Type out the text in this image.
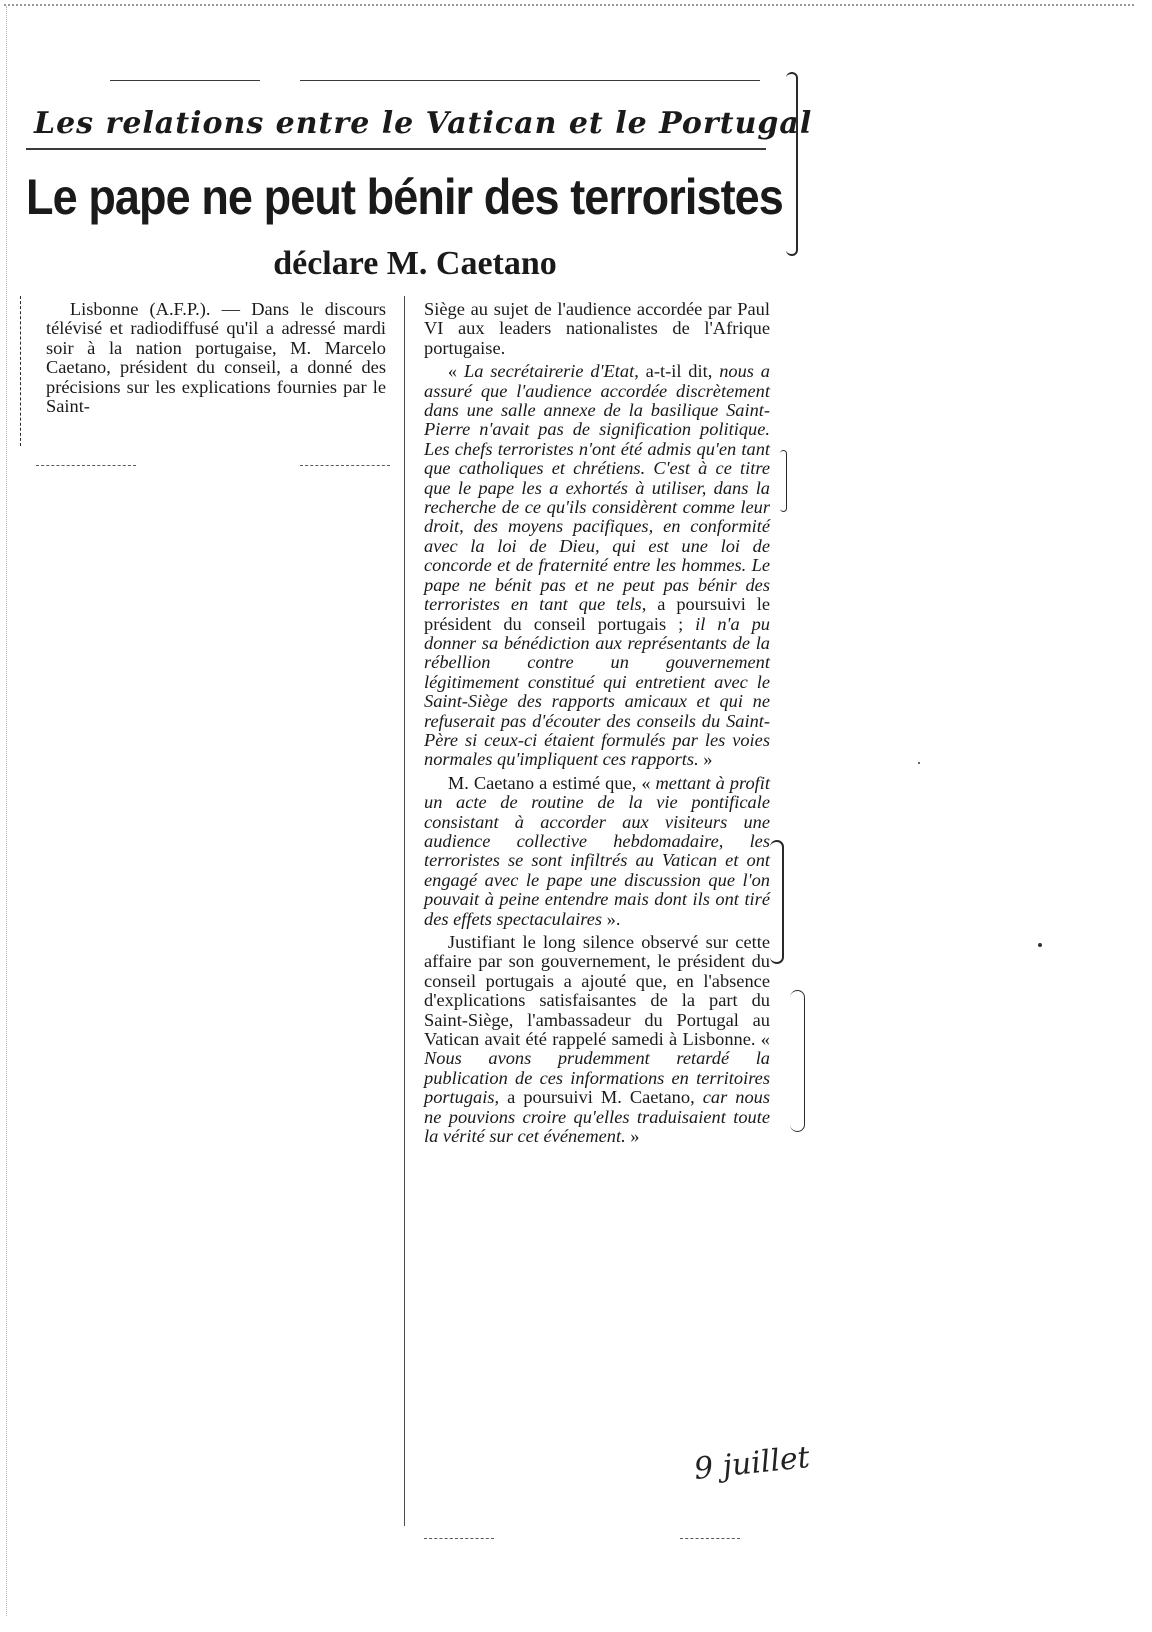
Les relations entre le Vatican et le Portugal
Le pape ne peut bénir des terroristes
déclare M. Caetano

Lisbonne (A.F.P.). — Dans le discours télévisé et radiodiffusé qu'il a adressé mardi soir à la nation portugaise, M. Marcelo Caetano, président du conseil, a donné des précisions sur les explications fournies par le Saint-

Siège au sujet de l'audience accordée par Paul VI aux leaders nationalistes de l'Afrique portugaise.

« La secrétairerie d'Etat, a-t-il dit, nous a assuré que l'audience accordée discrètement dans une salle annexe de la basilique Saint-Pierre n'avait pas de signification politique. Les chefs terroristes n'ont été admis qu'en tant que catholiques et chrétiens. C'est à ce titre que le pape les a exhortés à utiliser, dans la recherche de ce qu'ils considèrent comme leur droit, des moyens pacifiques, en conformité avec la loi de Dieu, qui est une loi de concorde et de fraternité entre les hommes. Le pape ne bénit pas et ne peut pas bénir des terroristes en tant que tels, a poursuivi le président du conseil portugais ; il n'a pu donner sa bénédiction aux représentants de la rébellion contre un gouvernement légitimement constitué qui entretient avec le Saint-Siège des rapports amicaux et qui ne refuserait pas d'écouter des conseils du Saint-Père si ceux-ci étaient formulés par les voies normales qu'impliquent ces rapports. »

M. Caetano a estimé que, « mettant à profit un acte de routine de la vie pontificale consistant à accorder aux visiteurs une audience collective hebdomadaire, les terroristes se sont infiltrés au Vatican et ont engagé avec le pape une discussion que l'on pouvait à peine entendre mais dont ils ont tiré des effets spectaculaires ».

Justifiant le long silence observé sur cette affaire par son gouvernement, le président du conseil portugais a ajouté que, en l'absence d'explications satisfaisantes de la part du Saint-Siège, l'ambassadeur du Portugal au Vatican avait été rappelé samedi à Lisbonne. « Nous avons prudemment retardé la publication de ces informations en territoires portugais, a poursuivi M. Caetano, car nous ne pouvions croire qu'elles traduisaient toute la vérité sur cet événement. »

9 juillet
